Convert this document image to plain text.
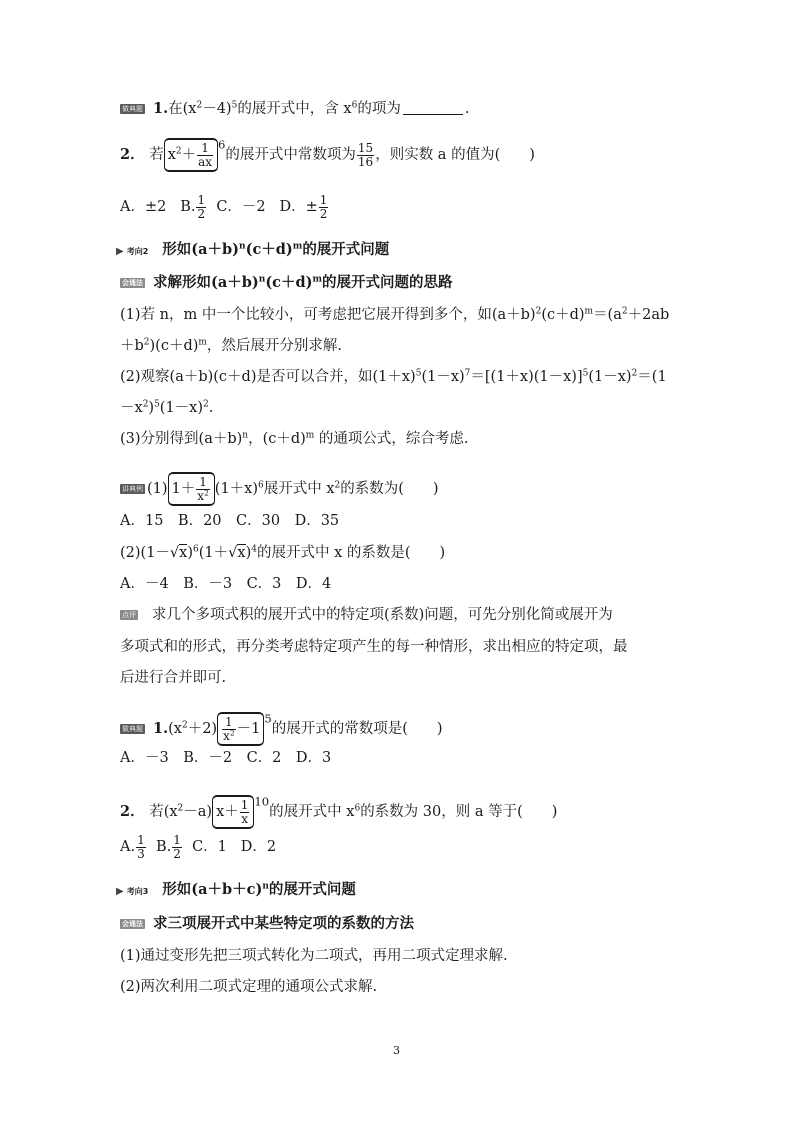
做典题 1.在$(x^2-4)^5$的展开式中，含 $x^6$的项为	.
2． 若 $x^2+ \frac{1}{ax} ^6$的展开式中常数项为 $\frac{15}{16}$ ，则实数 a 的值为(　　)
A．±2 B. $\frac{1}{2}$ C．－2 D．± $\frac{1}{2}$
▶ 考向2 形如$(a+b)^n(c+d)^m$的展开式问题
会通法 求解形如$(a+b)^n(c+d)^m$的展开式问题的思路
(1)若 n，m 中一个比较小，可考虑把它展开得到多个，如$(a+b)^2(c+d)^m=(a^2+2ab$
$+b^2)(c+d)^m$，然后展开分别求解.
(2)观察(a＋b)(c＋d)是否可以合并，如$(1+x)^5(1-x)^7=[(1+x)(1-x)]^5(1-x)^2=(1$
$-x^2)^5(1-x)^2$.
(3)分别得到$(a+b)^n$，$(c+d)^m$ 的通项公式，综合考虑.
讲典例 (1) $1+ \frac{1}{x^2} (1+x)^6$展开式中 $x^2$的系数为(　　)
A．15　B．20　C．30　D．35
$(2)(1-√x)^6(1+√x)^4$的展开式中 x 的系数是(　　)
A．－4　B．－3　C．3　D．4
点评 求几个多项式积的展开式中的特定项(系数)问题，可先分别化简或展开为
多项式和的形式，再分类考虑特定项产生的每一种情形，求出相应的特定项，最
后进行合并即可.
做典题 $1.(x^2+2) \frac{1}{x^2} -1^5$的展开式的常数项是(　　)
A．－3　B．－2　C．2　D．3
2． 若$(x^2-a)$ $x+ \frac{1}{x} ^{10}$的展开式中 $x^6$的系数为 30，则 a 等于(　　)
A. $\frac{1}{3} B$. $\frac{1}{2}$ C．1 D．2
▶ 考向3 形如$(a+b+c)^n$的展开式问题
会通法 求三项展开式中某些特定项的系数的方法
(1)通过变形先把三项式转化为二项式，再用二项式定理求解.
(2)两次利用二项式定理的通项公式求解.
3
